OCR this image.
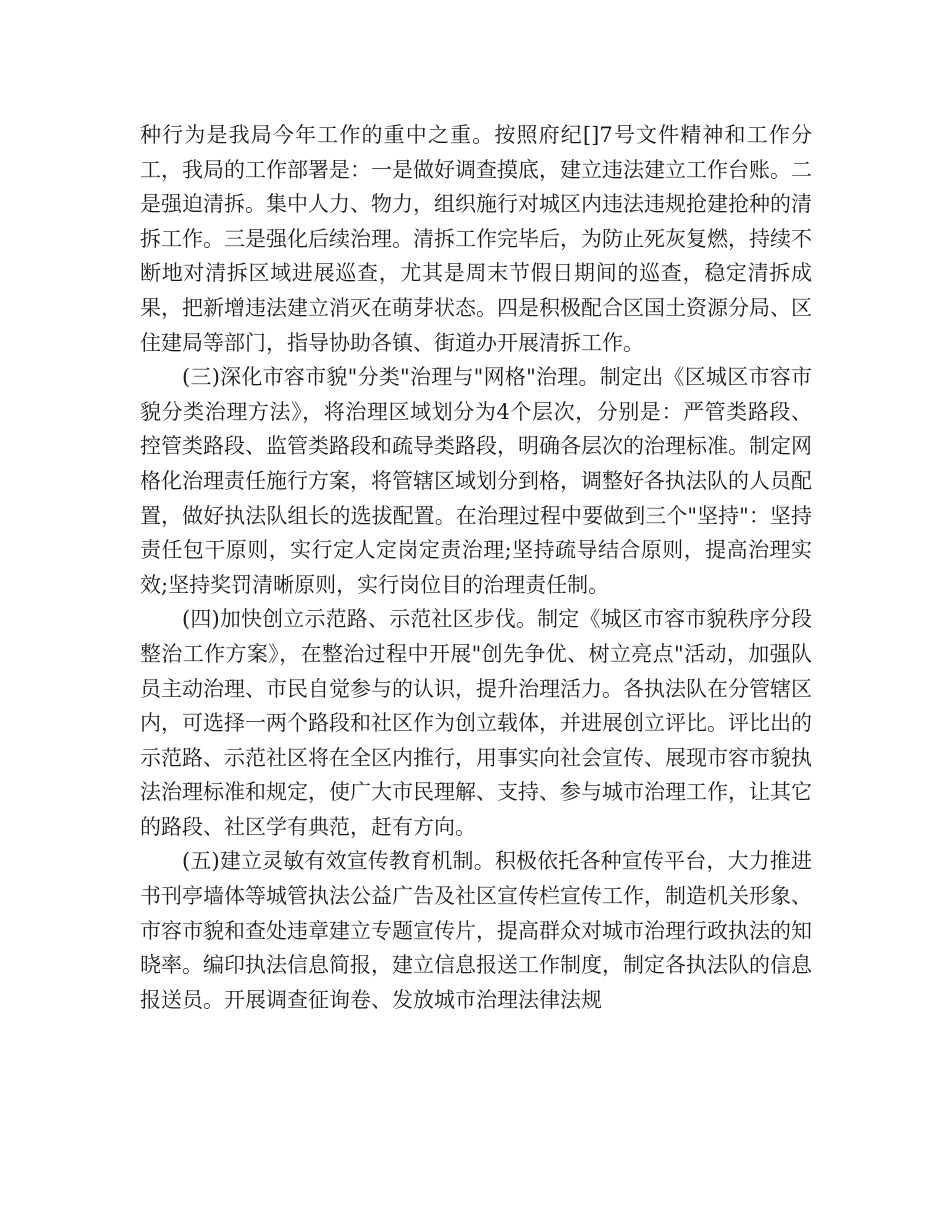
种行为是我局今年工作的重中之重。按照府纪[]7号文件精神和工作分工，我局的工作部署是：一是做好调查摸底，建立违法建立工作台账。二是强迫清拆。集中人力、物力，组织施行对城区内违法违规抢建抢种的清拆工作。三是强化后续治理。清拆工作完毕后，为防止死灰复燃，持续不断地对清拆区域进展巡查，尤其是周末节假日期间的巡查，稳定清拆成果，把新增违法建立消灭在萌芽状态。四是积极配合区国土资源分局、区住建局等部门，指导协助各镇、街道办开展清拆工作。

(三)深化市容市貌"分类"治理与"网格"治理。制定出《区城区市容市貌分类治理方法》，将治理区域划分为4个层次，分别是：严管类路段、控管类路段、监管类路段和疏导类路段，明确各层次的治理标准。制定网格化治理责任施行方案，将管辖区域划分到格，调整好各执法队的人员配置，做好执法队组长的选拔配置。在治理过程中要做到三个"坚持"：坚持责任包干原则，实行定人定岗定责治理;坚持疏导结合原则，提高治理实效;坚持奖罚清晰原则，实行岗位目的治理责任制。

(四)加快创立示范路、示范社区步伐。制定《城区市容市貌秩序分段整治工作方案》，在整治过程中开展"创先争优、树立亮点"活动，加强队员主动治理、市民自觉参与的认识，提升治理活力。各执法队在分管辖区内，可选择一两个路段和社区作为创立载体，并进展创立评比。评比出的示范路、示范社区将在全区内推行，用事实向社会宣传、展现市容市貌执法治理标准和规定，使广大市民理解、支持、参与城市治理工作，让其它的路段、社区学有典范，赶有方向。

(五)建立灵敏有效宣传教育机制。积极依托各种宣传平台，大力推进书刊亭墙体等城管执法公益广告及社区宣传栏宣传工作，制造机关形象、市容市貌和查处违章建立专题宣传片，提高群众对城市治理行政执法的知晓率。编印执法信息简报，建立信息报送工作制度，制定各执法队的信息报送员。开展调查征询卷、发放城市治理法律法规
